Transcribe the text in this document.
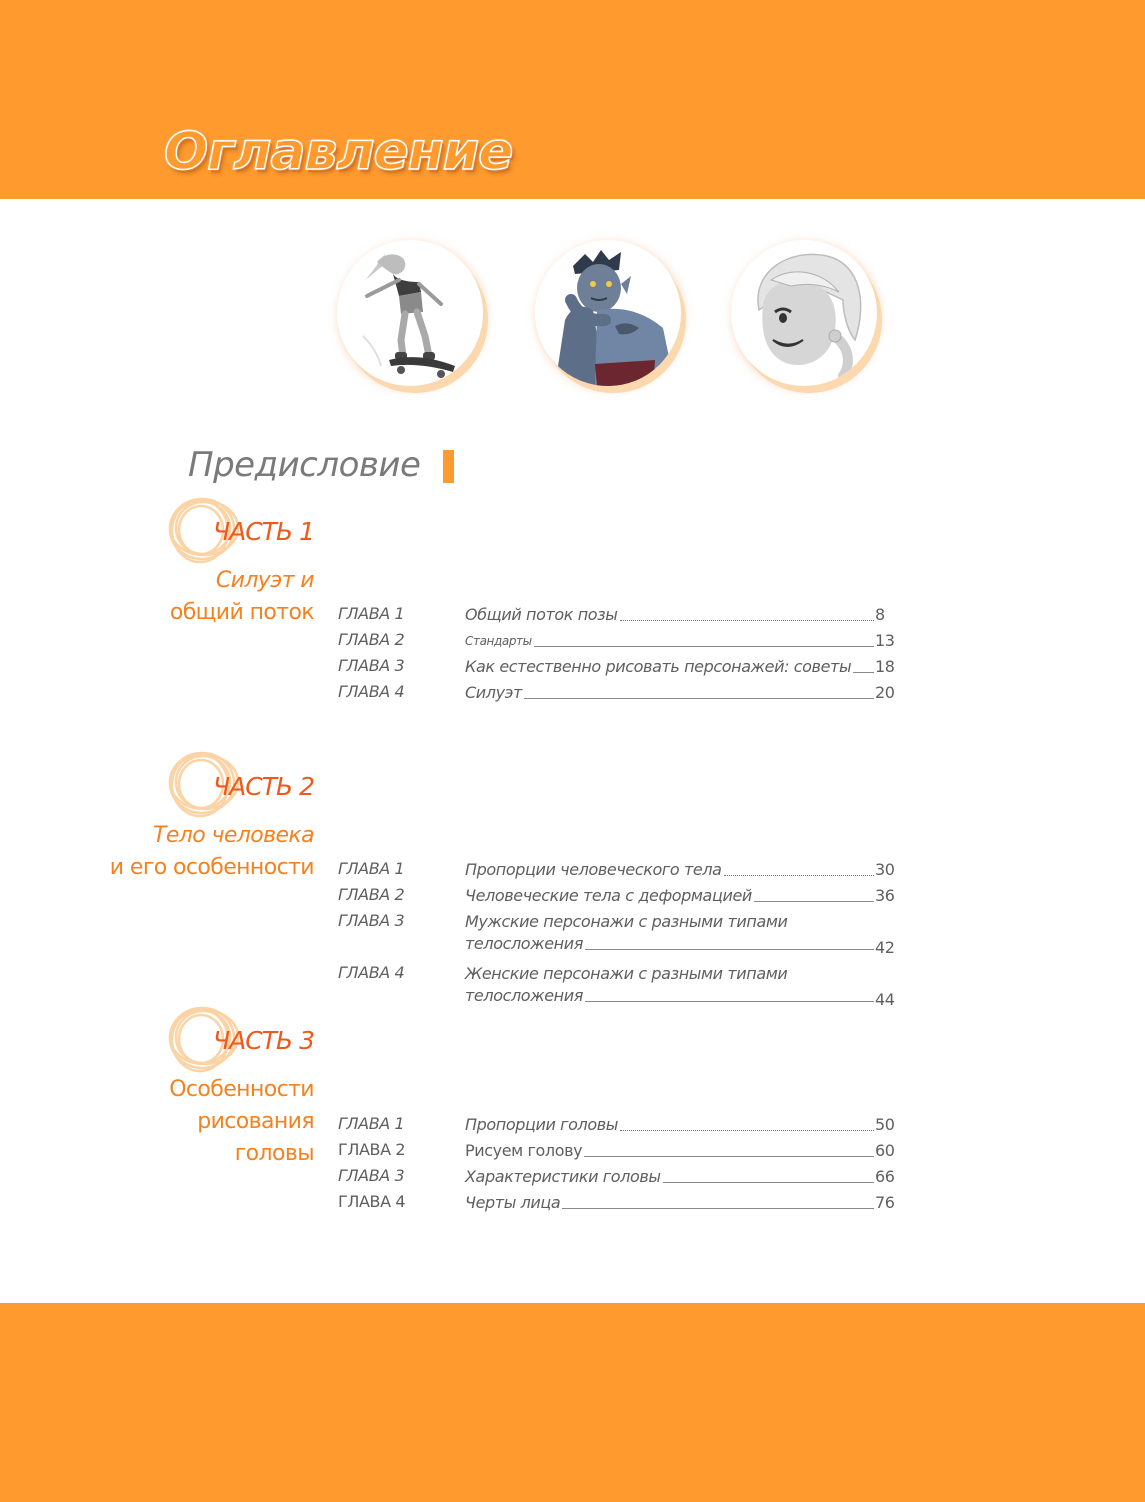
Оглавление
Предисловие
ЧАСТЬ 1
Силуэт и
общий поток ГЛАВА 1	Общий поток позы	8
ГЛАВА 2	Стандарты	13
ГЛАВА 3	Как естественно рисовать персонажей: советы 18
ГЛАВА 4	Силуэт	20
ЧАСТЬ 2
Тело человека
и его особенности ГЛАВА 1	Пропорции человеческого тела	30
ГЛАВА 2	Человеческие тела с деформацией	36
ГЛАВА 3	Мужские персонажи с разными типами
телосложения	42
ГЛАВА 4	Женские персонажи с разными типами
телосложения	44
ЧАСТЬ 3
Особенности
рисования
головы
ГЛАВА 1	Пропорции головы	50
ГЛАВА 2	Рисуем голову	60
ГЛАВА 3	Характеристики головы	66
ГЛАВА 4	Черты лица	76
